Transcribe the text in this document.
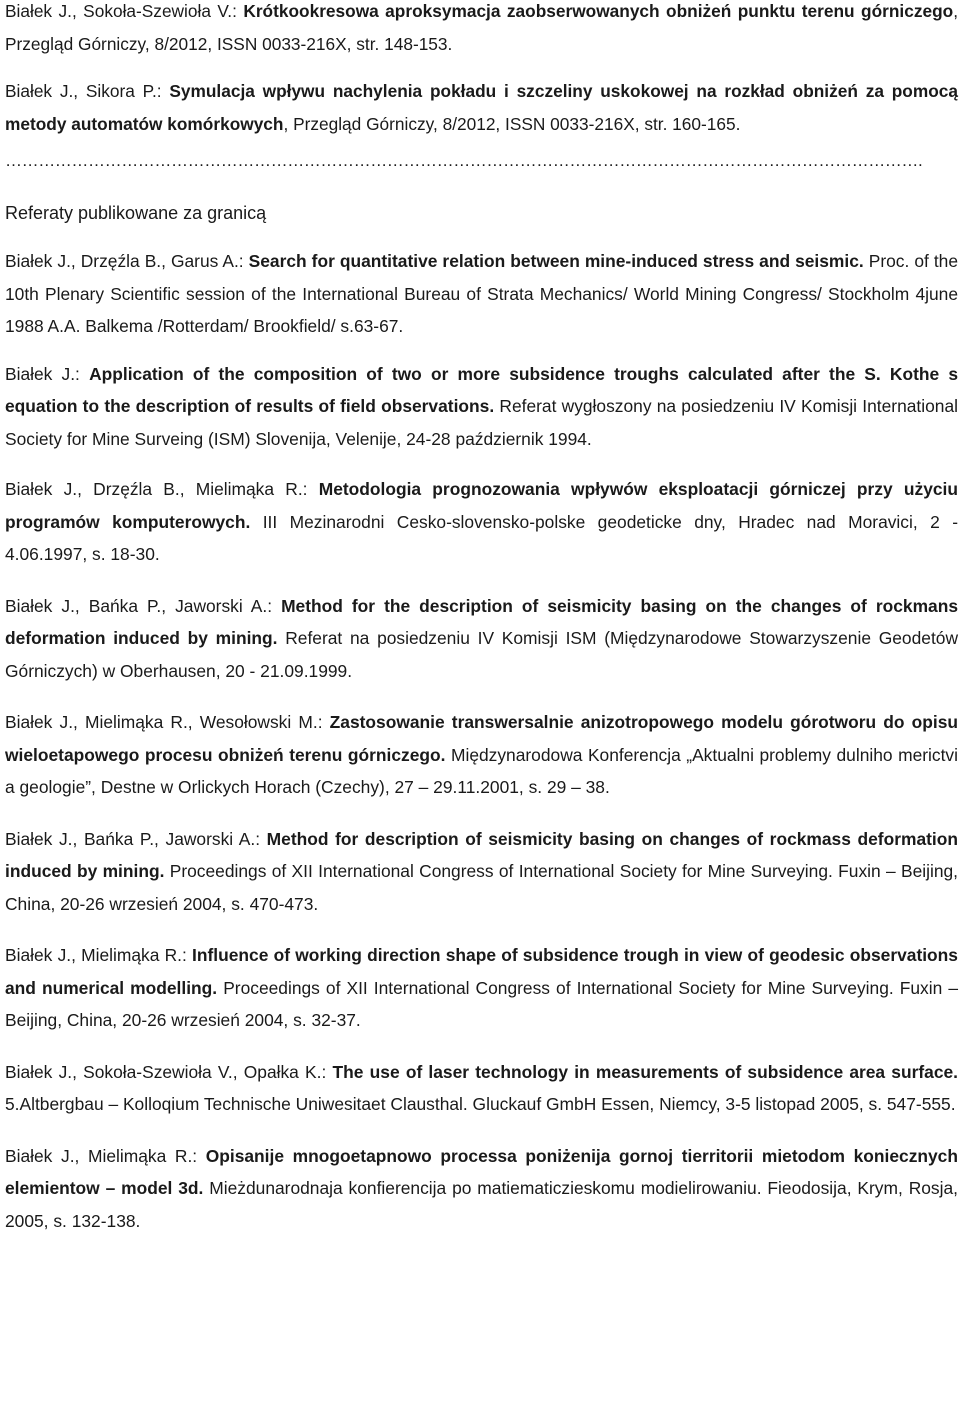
Białek J., Sokoła-Szewioła V.: Krótkookresowa aproksymacja zaobserwowanych obniżeń punktu terenu górniczego, Przegląd Górniczy, 8/2012, ISSN 0033-216X, str. 148-153.

Białek J., Sikora P.: Symulacja wpływu nachylenia pokładu i szczeliny uskokowej na rozkład obniżeń za pomocą metody automatów komórkowych, Przegląd Górniczy, 8/2012, ISSN 0033-216X, str. 160-165.

………………………………………………………………………………………………………………………………………………….
Referaty publikowane za granicą

Białek J., Drzęźla B., Garus A.: Search for quantitative relation between mine-induced stress and seismic. Proc. of the 10th Plenary Scientific session of the International Bureau of Strata Mechanics/ World Mining Congress/ Stockholm 4june 1988 A.A. Balkema /Rotterdam/ Brookfield/ s.63-67.

Białek J.: Application of the composition of two or more subsidence troughs calculated after the S. Kothe s equation to the description of results of field observations. Referat wygłoszony na posiedzeniu IV Komisji International Society for Mine Surveing (ISM) Slovenija, Velenije, 24-28 październik 1994.

Białek J., Drzęźla B., Mielimąka R.: Metodologia prognozowania wpływów eksploatacji górniczej przy użyciu programów komputerowych. III Mezinarodni Cesko-slovensko-polske geodeticke dny, Hradec nad Moravici, 2 - 4.06.1997, s. 18-30.

Białek J., Bańka P., Jaworski A.: Method for the description of seismicity basing on the changes of rockmans deformation induced by mining. Referat na posiedzeniu IV Komisji ISM (Międzynarodowe Stowarzyszenie Geodetów Górniczych) w Oberhausen, 20 - 21.09.1999.

Białek J., Mielimąka R., Wesołowski M.: Zastosowanie transwersalnie anizotropowego modelu górotworu do opisu wieloetapowego procesu obniżeń terenu górniczego. Międzynarodowa Konferencja „Aktualni problemy dulniho merictvi a geologie”, Destne w Orlickych Horach (Czechy), 27 – 29.11.2001, s. 29 – 38.

Białek J., Bańka P., Jaworski A.: Method for description of seismicity basing on changes of rockmass deformation induced by mining. Proceedings of XII International Congress of International Society for Mine Surveying. Fuxin – Beijing, China, 20-26 wrzesień 2004, s. 470-473.

Białek J., Mielimąka R.: Influence of working direction shape of subsidence trough in view of geodesic observations and numerical modelling. Proceedings of XII International Congress of International Society for Mine Surveying. Fuxin – Beijing, China, 20-26 wrzesień 2004, s. 32-37.

Białek J., Sokoła-Szewioła V., Opałka K.: The use of laser technology in measurements of subsidence area surface. 5.Altbergbau – Kolloqium Technische Uniwesitaet Clausthal. Gluckauf GmbH Essen, Niemcy, 3-5 listopad 2005, s. 547-555.

Białek J., Mielimąka R.: Opisanije mnogoetapnowo processa poniżenija gornoj tierritorii mietodom koniecznych elemientow – model 3d. Mieżdunarodnaja konfierencija po matiematiczieskomu modielirowaniu. Fieodosija, Krym, Rosja, 2005, s. 132-138.
